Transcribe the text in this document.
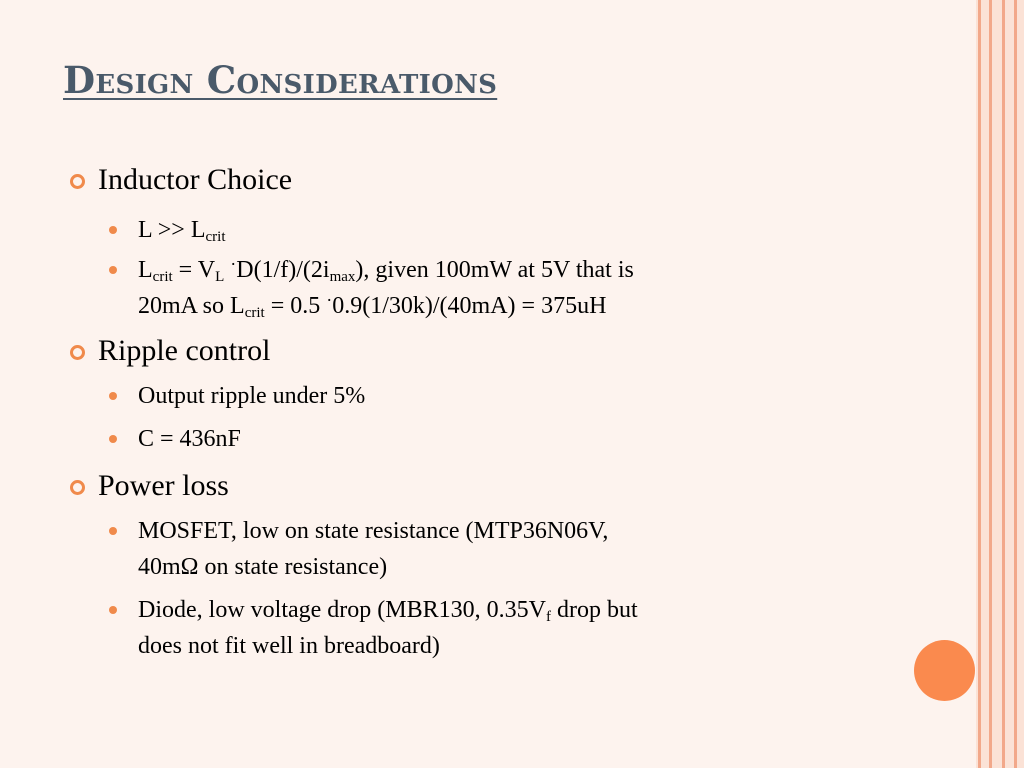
Design Considerations
Inductor Choice
$L >> L_{crit}$
$L_{crit} = V_L$ $^\cdot D(1/f)/(2i_{max})$, given 100mW at 5V that is
20mA so $L_{crit} = 0.5$ ·0.9(1/30k)/(40mA) = 375uH
Ripple control
Output ripple under 5%
C = 436nF
Power loss
MOSFET, low on state resistance (MTP36N06V,
40mΩ on state resistance)
Diode, low voltage drop (MBR130, $0.35V_f$ drop but
does not fit well in breadboard)
